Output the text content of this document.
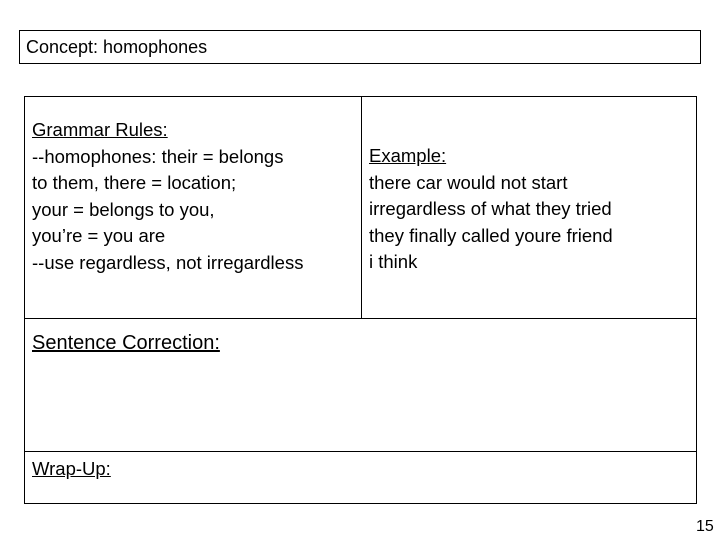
Concept: homophones
Grammar Rules:
--homophones: their = belongs
to them, there = location;
your = belongs to you,
you’re = you are
--use regardless, not irregardless
Example:
there car would not start
irregardless of what they tried
they finally called youre friend
i think
Sentence Correction:
Wrap-Up:
15
